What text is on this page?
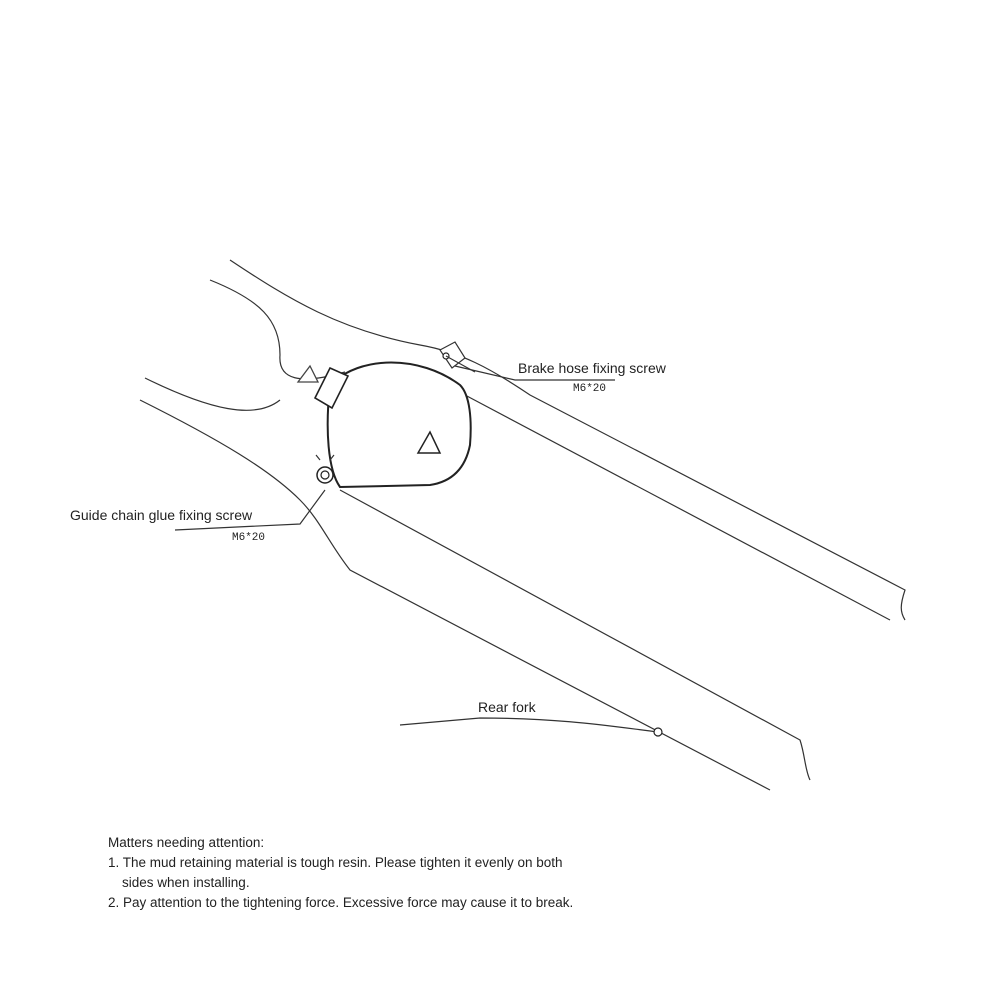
Brake hose fixing screw
M6*20
Guide chain glue fixing screw
M6*20
Rear fork

Matters needing attention:

1. The mud retaining material is tough resin. Please tighten it evenly on both

sides when installing.

2. Pay attention to the tightening force. Excessive force may cause it to break.
